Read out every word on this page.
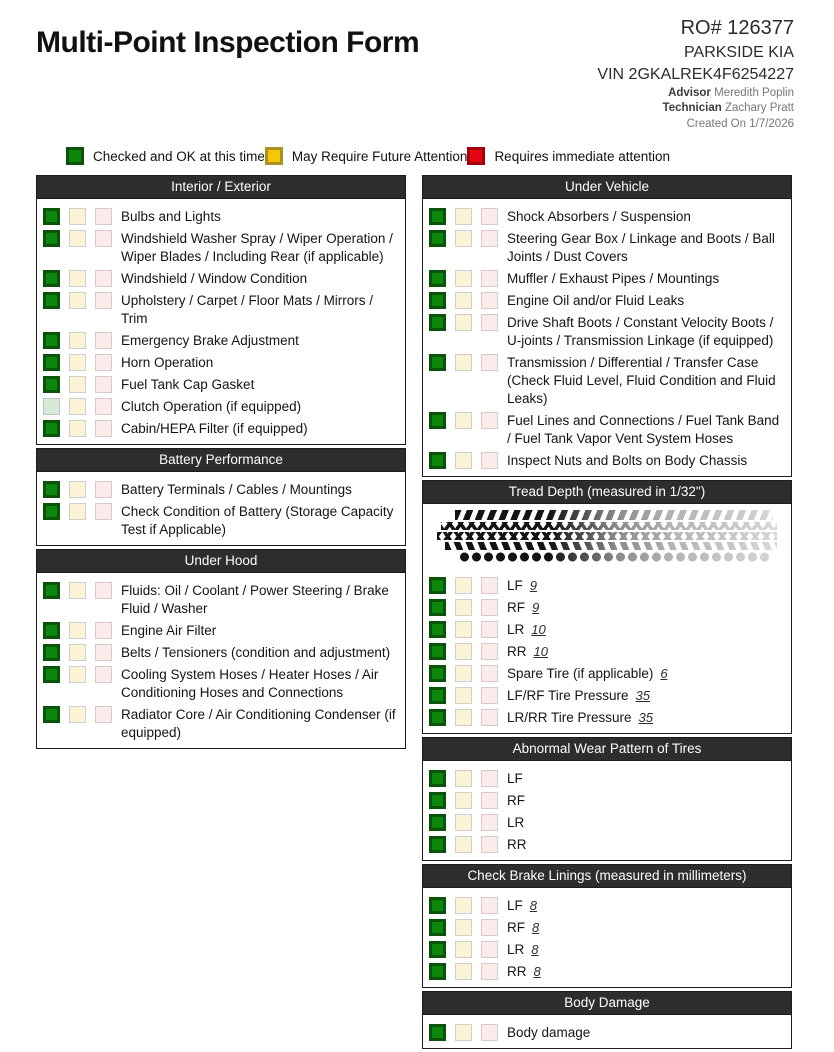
Multi-Point Inspection Form	RO# 126377
PARKSIDE KIA
VIN 2GKALREK4F6254227
Advisor Meredith Poplin
Technician Zachary Pratt
Created On 1/7/2026
Checked and OK at this time May Require Future Attention Requires immediate attention
Interior / Exterior
Bulbs and Lights
Windshield Washer Spray / Wiper Operation / Wiper Blades / Including Rear (if applicable)
Windshield / Window Condition
Upholstery / Carpet / Floor Mats / Mirrors / Trim
Emergency Brake Adjustment
Horn Operation
Fuel Tank Cap Gasket
Clutch Operation (if equipped)
Cabin/HEPA Filter (if equipped)
Battery Performance
Battery Terminals / Cables / Mountings
Check Condition of Battery (Storage Capacity Test if Applicable)
Under Hood
Fluids: Oil / Coolant / Power Steering / Brake Fluid / Washer
Engine Air Filter
Belts / Tensioners (condition and adjustment)
Cooling System Hoses / Heater Hoses / Air Conditioning Hoses and Connections
Radiator Core / Air Conditioning Condenser (if equipped)
Under Vehicle
Shock Absorbers / Suspension
Steering Gear Box / Linkage and Boots / Ball Joints / Dust Covers
Muffler / Exhaust Pipes / Mountings
Engine Oil and/or Fluid Leaks
Drive Shaft Boots / Constant Velocity Boots / U-joints / Transmission Linkage (if equipped)
Transmission / Differential / Transfer Case (Check Fluid Level, Fluid Condition and Fluid Leaks)
Fuel Lines and Connections / Fuel Tank Band / Fuel Tank Vapor Vent System Hoses
Inspect Nuts and Bolts on Body Chassis
Tread Depth (measured in 1/32")
LF 9
RF 9
LR 10
RR 10
Spare Tire (if applicable) 6
LF/RF Tire Pressure 35
LR/RR Tire Pressure 35
Abnormal Wear Pattern of Tires
LF
RF
LR
RR
Check Brake Linings (measured in millimeters)
LF 8
RF 8
LR 8
RR 8
Body Damage
Body damage
